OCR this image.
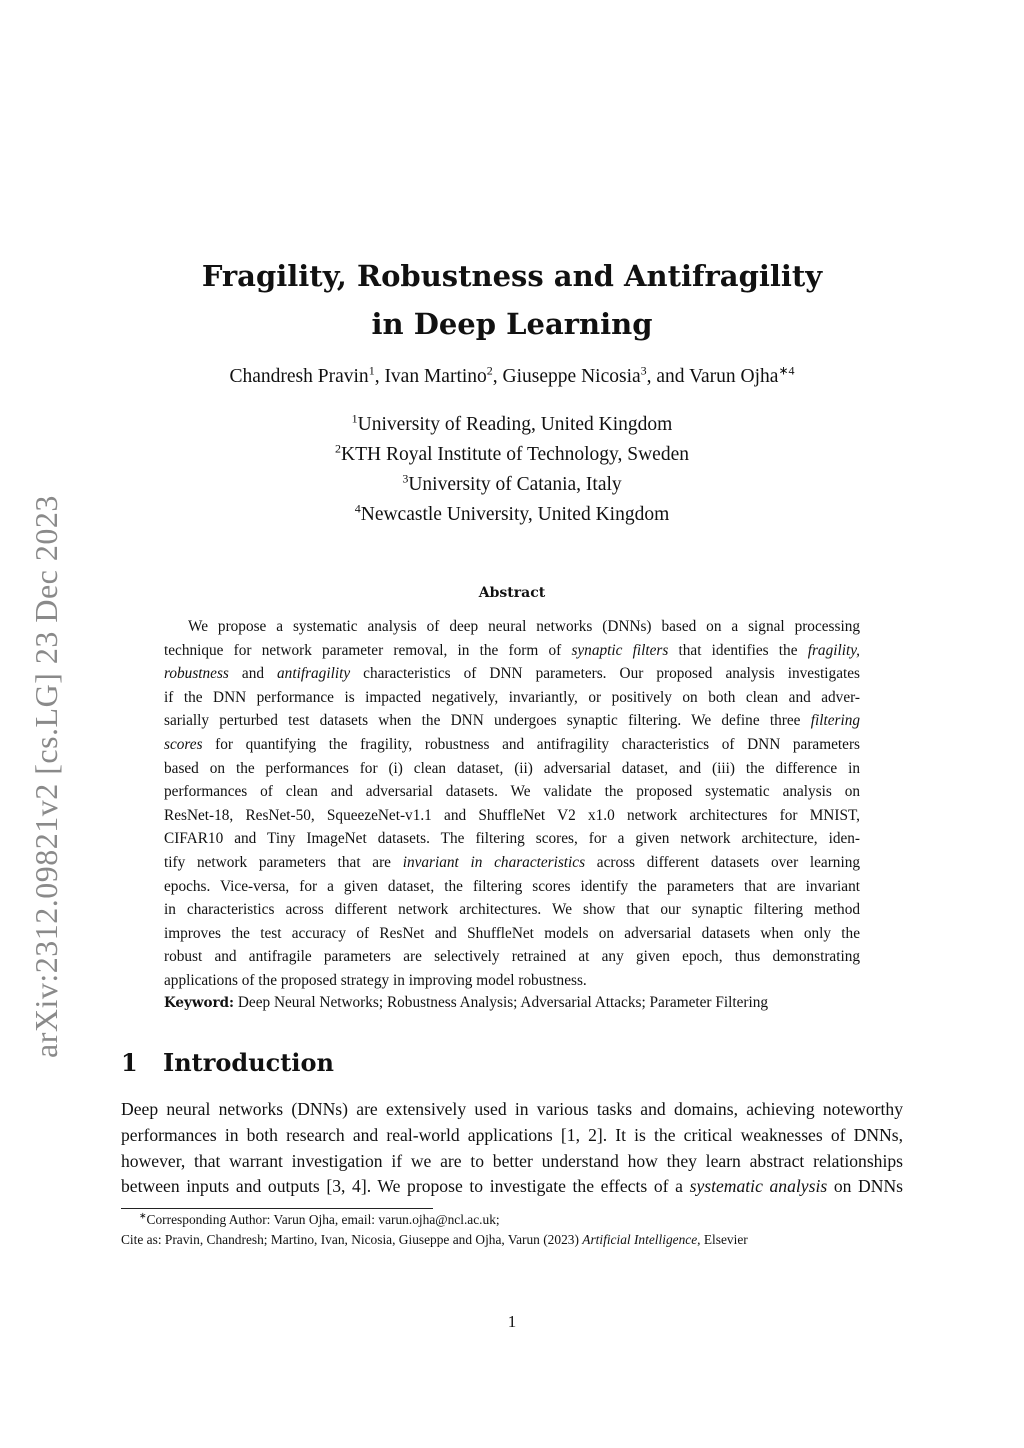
arXiv:2312.09821v2 [cs.LG] 23 Dec 2023
Fragility, Robustness and Antifragility
in Deep Learning
Chandresh Pravin$^1$, Ivan Martino$^2$, Giuseppe Nicosia$^3$, and Varun Ojha$^{∗4}$
$^1$University of Reading, United Kingdom
$^2$KTH Royal Institute of Technology, Sweden
$^3$University of Catania, Italy
$^4$Newcastle University, United Kingdom
Abstract
We propose a systematic analysis of deep neural networks (DNNs) based on a signal processing
technique for network parameter removal, in the form of synaptic filters that identifies the fragility,
robustness and antifragility characteristics of DNN parameters. Our proposed analysis investigates
if the DNN performance is impacted negatively, invariantly, or positively on both clean and adver-
sarially perturbed test datasets when the DNN undergoes synaptic filtering. We define three filtering
scores for quantifying the fragility, robustness and antifragility characteristics of DNN parameters
based on the performances for (i) clean dataset, (ii) adversarial dataset, and (iii) the difference in
performances of clean and adversarial datasets. We validate the proposed systematic analysis on
ResNet-18, ResNet-50, SqueezeNet-v1.1 and ShuffleNet V2 x1.0 network architectures for MNIST,
CIFAR10 and Tiny ImageNet datasets. The filtering scores, for a given network architecture, iden-
tify network parameters that are invariant in characteristics across different datasets over learning
epochs. Vice-versa, for a given dataset, the filtering scores identify the parameters that are invariant
in characteristics across different network architectures. We show that our synaptic filtering method
improves the test accuracy of ResNet and ShuffleNet models on adversarial datasets when only the
robust and antifragile parameters are selectively retrained at any given epoch, thus demonstrating
applications of the proposed strategy in improving model robustness.
Keyword: Deep Neural Networks; Robustness Analysis; Adversarial Attacks; Parameter Filtering
1 Introduction
Deep neural networks (DNNs) are extensively used in various tasks and domains, achieving noteworthy
performances in both research and real-world applications [1, 2]. It is the critical weaknesses of DNNs,
however, that warrant investigation if we are to better understand how they learn abstract relationships
between inputs and outputs [3, 4]. We propose to investigate the effects of a systematic analysis on DNNs
∗Corresponding Author: Varun Ojha, email: varun.ojha@ncl.ac.uk;
Cite as: Pravin, Chandresh; Martino, Ivan, Nicosia, Giuseppe and Ojha, Varun (2023) Artificial Intelligence, Elsevier
1
